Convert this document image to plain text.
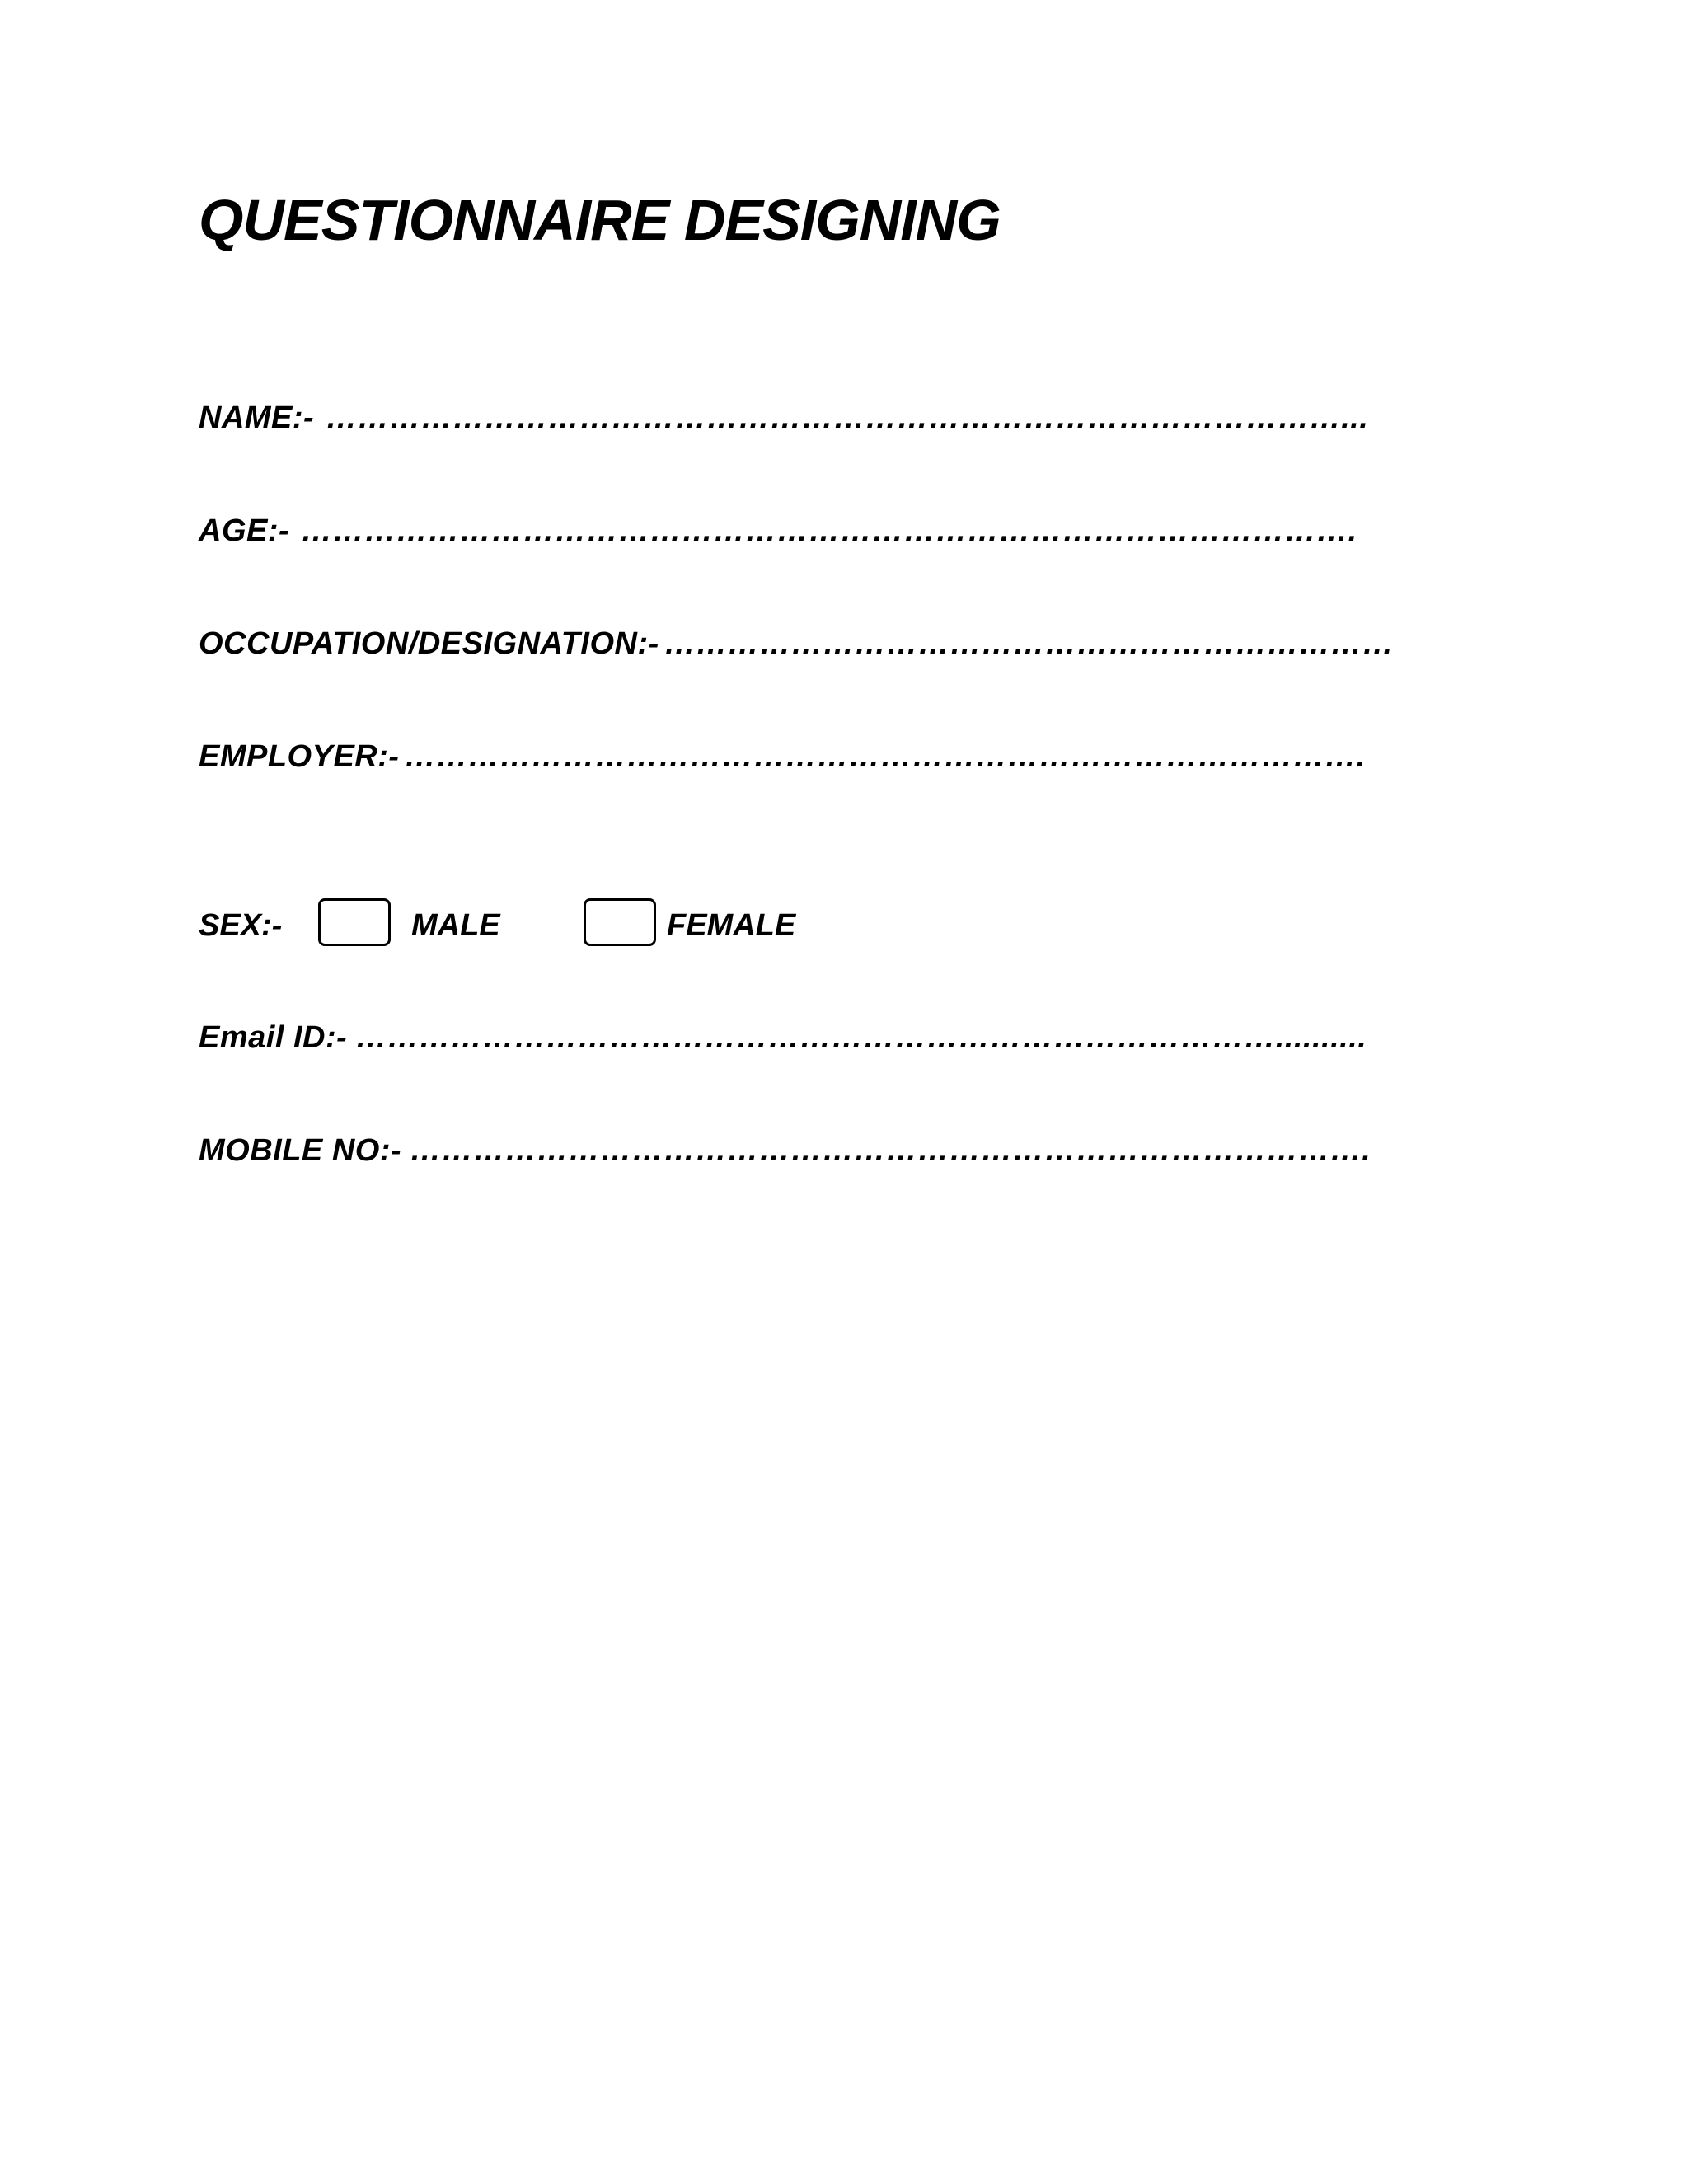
QUESTIONNAIRE DESIGNING
NAME:- ……………………………………………………………………………………...
AGE:- ……………………………………………………………………………………….
OCCUPATION/DESIGNATION:- ……………………………………………………………
EMPLOYER:- ……………………………………………………………………………….
SEX:-	MALE	FEMALE
Email ID:- ……………………………………………………………………………..........
MOBILE NO:- ……………………………………………………………………………….
